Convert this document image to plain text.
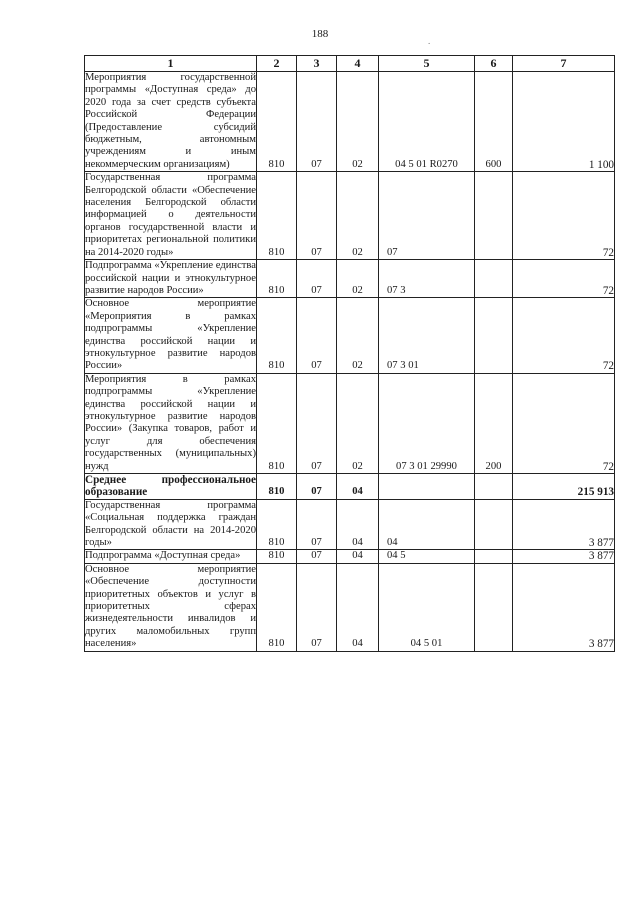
188
.
1	2	3	4	5	6	7
Мероприятия государственной программы «Доступная среда» до 2020 года за счет средств субъекта Российской Федерации (Предоставление субсидий бюджетным, автономным учреждениям и иным некоммерческим организациям)	810	07	02	04 5 01 R0270	600	1 100
Государственная программа Белгородской области «Обеспечение населения Белгородской области информацией о деятельности органов государственной власти и приоритетах региональной политики на 2014-2020 годы»	810	07	02	07		72
Подпрограмма «Укрепление единства российской нации и этнокультурное развитие народов России»	810	07	02	07 3		72
Основное мероприятие «Мероприятия в рамках подпрограммы «Укрепление единства российской нации и этнокультурное развитие народов России»	810	07	02	07 3 01		72
Мероприятия в рамках подпрограммы «Укрепление единства российской нации и этнокультурное развитие народов России» (Закупка товаров, работ и услуг для обеспечения государственных (муниципальных) нужд	810	07	02	07 3 01 29990	200	72
Среднее профессиональное образование	810	07	04			215 913
Государственная программа «Социальная поддержка граждан Белгородской области на 2014-2020 годы»	810	07	04	04		3 877
Подпрограмма «Доступная среда»	810	07	04	04 5		3 877
Основное мероприятие «Обеспечение доступности приоритетных объектов и услуг в приоритетных сферах жизнедеятельности инвалидов и других маломобильных групп населения»	810	07	04	04 5 01		3 877
